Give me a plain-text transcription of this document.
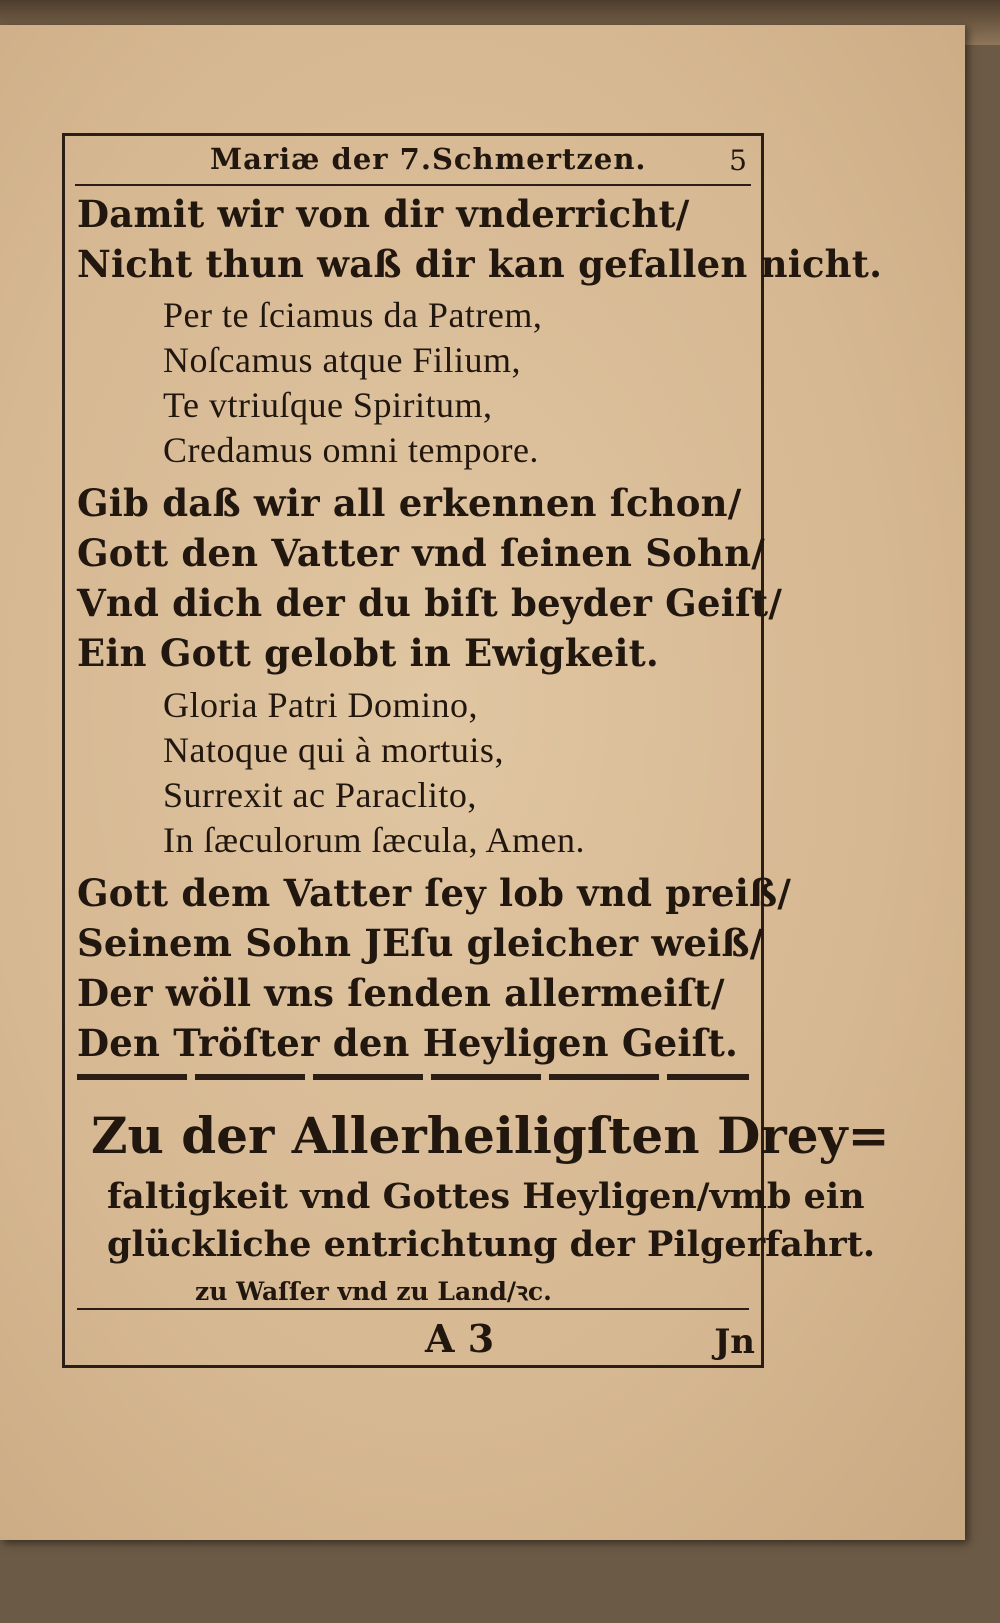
Mariæ der 7.Schmertzen.	5
Damit wir von dir vnderricht/
Nicht thun waß dir kan gefallen nicht.
Per te ſciamus da Patrem,
Noſcamus atque Filium,
Te vtriuſque Spiritum,
Credamus omni tempore.
Gib daß wir all erkennen ſchon/
Gott den Vatter vnd ſeinen Sohn/
Vnd dich der du biſt beyder Geiſt/
Ein Gott gelobt in Ewigkeit.
Gloria Patri Domino,
Natoque qui à mortuis,
Surrexit ac Paraclito,
In ſæculorum ſæcula, Amen.
Gott dem Vatter ſey lob vnd preiß/
Seinem Sohn JEſu gleicher weiß/
Der wöll vns ſenden allermeiſt/
Den Tröſter den Heyligen Geiſt.
Zu der Allerheiligſten Drey=
faltigkeit vnd Gottes Heyligen/vmb ein
glückliche entrichtung der Pilgerfahrt.
zu Waſſer vnd zu Land/ꝛc.
A 3	Jn
